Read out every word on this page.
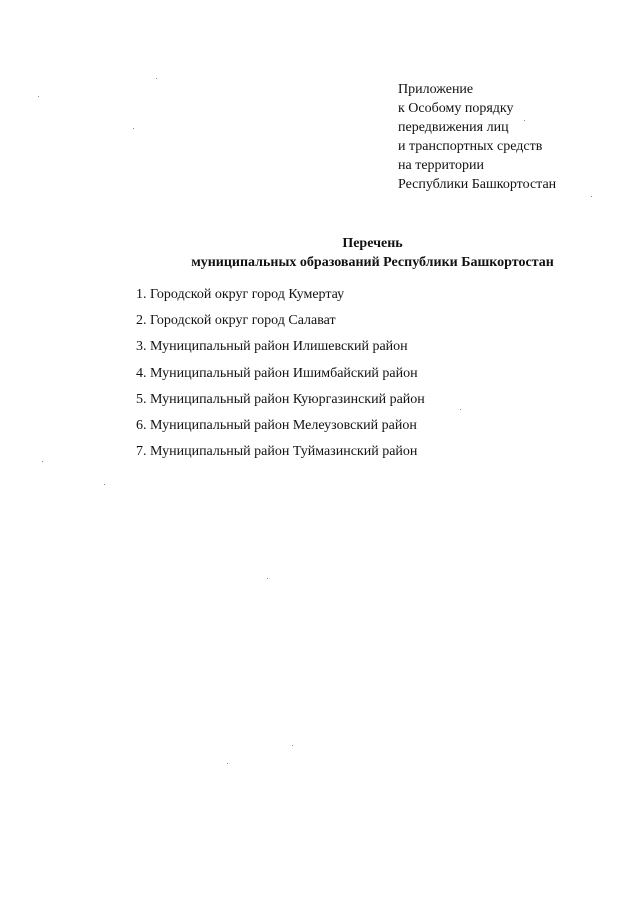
Приложение
к Особому порядку
передвижения лиц
и транспортных средств
на территории
Республики Башкортостан
Перечень
муниципальных образований Республики Башкортостан
1. Городской округ город Кумертау
2. Городской округ город Салават
3. Муниципальный район Илишевский район
4. Муниципальный район Ишимбайский район
5. Муниципальный район Куюргазинский район
6. Муниципальный район Мелеузовский район
7. Муниципальный район Туймазинский район
